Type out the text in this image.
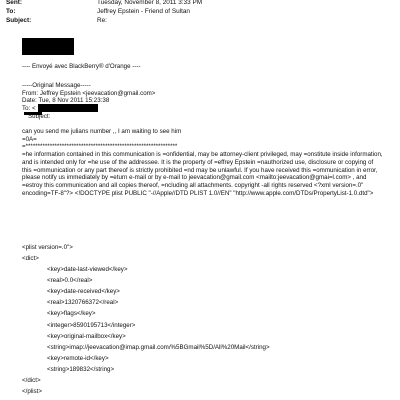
Sent:	Tuesday, November 8, 2011 3:33 PM
To:	Jeffrey Epstein - Friend of Sultan
Subject:	Re:
---- Envoyé avec BlackBerry® d'Orange ----
-----Original Message-----
From: Jeffrey Epstein <jeevacation@gmail.com>
Date: Tue, 8 Nov 2011 15:23:38
To: <
Subject:
can you send me julians number ,, I am waiting to see him
=0A=
=***************************************************************
=he information contained in this communication is =onfidential, may be attorney-client privileged, may =onstitute inside information, and is intended only for =he use of the addressee. It is the property of =effrey Epstein =nauthorized use, disclosure or copying of this =ommunication or any part thereof is strictly prohibited =nd may be unlawful. If you have received this =ommunication in error, please notify us immediately by =eturn e-mail or by e-mail to jeevacation@gmail.com <mailto:jeevacation@gmai=l.com> , and =estroy this communication and all copies thereof, =ncluding all attachments. copyright -all rights reserved <?xml version=.0" encoding=TF-8"?> <!DOCTYPE plist PUBLIC "-//Apple//DTD PLIST 1.0//EN" "http://www.apple.com/DTDs/PropertyList-1.0.dtd">
<plist version=.0">
<dict>
<key>date-last-viewed</key>
<real>0.0</real>
<key>date-received</key>
<real>1320766372</real>
<key>flags</key>
<integer>8590195713</integer>
<key>original-mailbox</key>
<string>imap://jeevacation@imap.gmail.com/%5BGmail%5D/All%20Mail</string>
<key>remote-id</key>
<string>189832</string>
</dict>
</plist>
